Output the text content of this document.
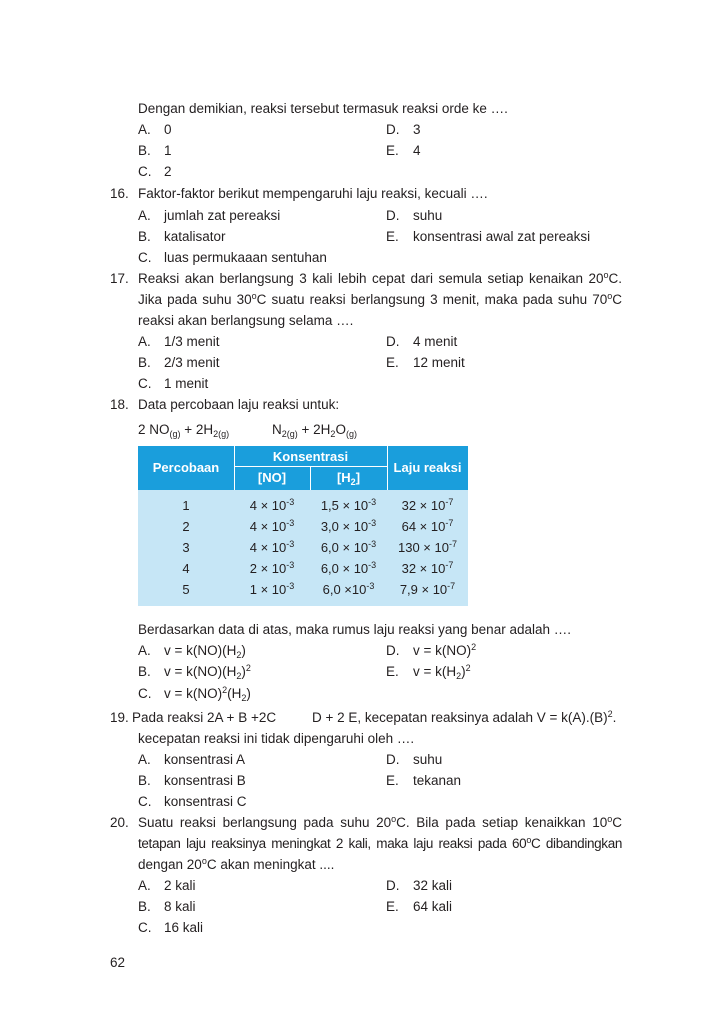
Dengan demikian, reaksi tersebut termasuk reaksi orde ke ….
A. 0	D. 3
B. 1	E. 4
C. 2
16. Faktor-faktor berikut mempengaruhi laju reaksi, kecuali ….
A. jumlah zat pereaksi	D. suhu
B. katalisator	E. konsentrasi awal zat pereaksi
C. luas permukaaan sentuhan
17. Reaksi akan berlangsung 3 kali lebih cepat dari semula setiap kenaikan 20$^o$C.
Jika pada suhu 30$^o$C suatu reaksi berlangsung 3 menit, maka pada suhu 70$^o$C
reaksi akan berlangsung selama ….
A. 1/3 menit	D. 4 menit
B. 2/3 menit	E. 12 menit
C. 1 menit
18. Data percobaan laju reaksi untuk:
2 $NO_{(g)} + 2H_{2(g)}$	$N_{2(g)} + 2H_2O_{(g)}$
Percobaan
Konsentrasi
[NO]	$[H_2]$
Laju reaksi
1	$4 \times 10^{-3}$	$1,5 \times 10^{-3}$	$32 \times 10^{-7}$
2	$4 \times 10^{-3}$	$3,0 \times 10^{-3}$	$64 \times 10^{-7}$
3	$4 \times 10^{-3}$	$6,0 \times 10^{-3}$	$130 \times 10^{-7}$
4	$2 \times 10^{-3}$	$6,0 \times 10^{-3}$	$32 \times 10^{-7}$
5	$1 \times 10^{-3}$	$6,0 \times 10^{-3}$	$7,9 \times 10^{-7}$
Berdasarkan data di atas, maka rumus laju reaksi yang benar adalah ….
A. $v = k(NO)(H_2)$	D. v = k(NO)$^2$
B. $v = k(NO)(H_2)^2$	E. $v = k(H_2)^2$
C. $v = k(NO)^2(H_2)$
19. Pada reaksi 2A + B +2C	D + 2 E, kecepatan reaksinya adalah $V = k(A).(B)^2$.
kecepatan reaksi ini tidak dipengaruhi oleh ….
A. konsentrasi A	D. suhu
B. konsentrasi B	E. tekanan
C. konsentrasi C
20. Suatu reaksi berlangsung pada suhu 20$^o$C. Bila pada setiap kenaikkan 10$^o$C
tetapan laju reaksinya meningkat 2 kali, maka laju reaksi pada 60$^o$C dibandingkan
dengan 20$^o$C akan meningkat ....
A. 2 kali	D. 32 kali
B. 8 kali	E. 64 kali
C. 16 kali
62
